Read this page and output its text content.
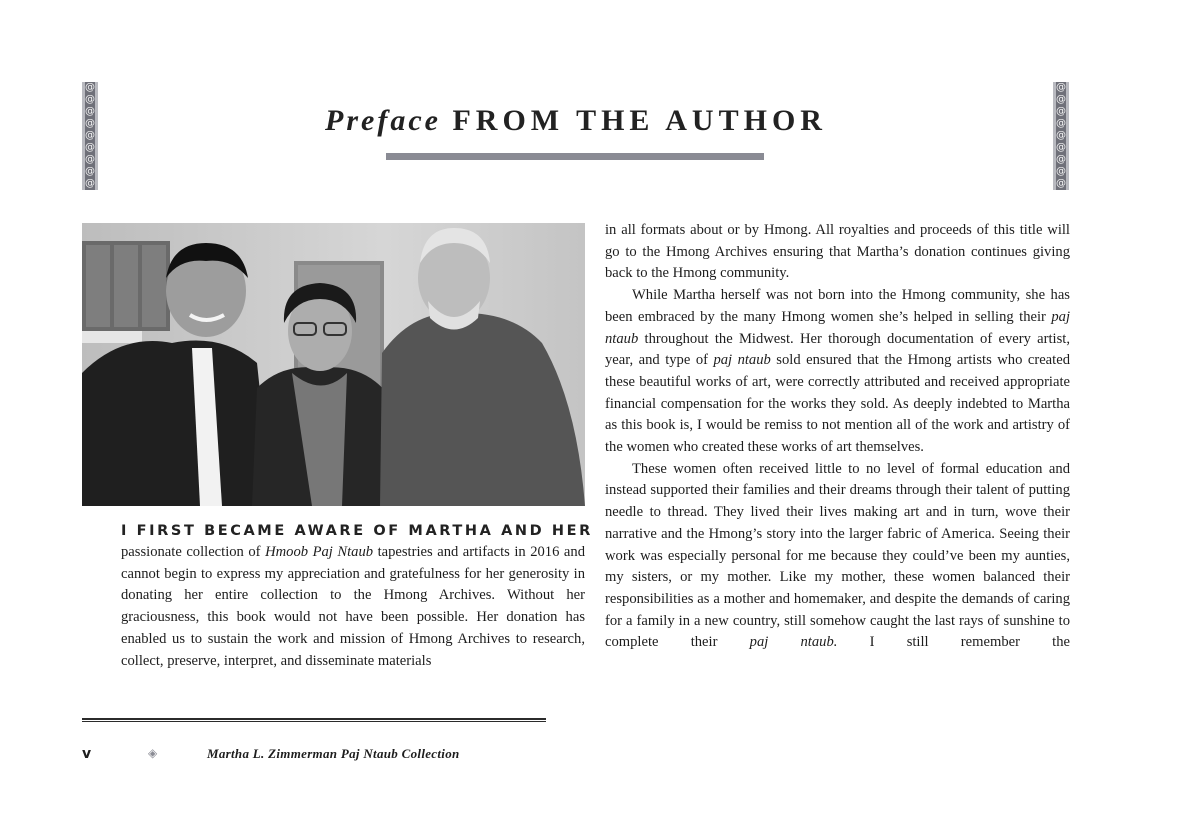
@
@
@
@
@
@
@
@
@
@
@
@
@
@
@
@
@
@
Preface FROM THE AUTHOR
I FIRST BECAME AWARE OF MARTHA AND HER
passionate collection of Hmoob Paj Ntaub tapestries and artifacts in 2016 and cannot begin to express my appreciation and gratefulness for her generosity in donating her entire collection to the Hmong Archives. Without her graciousness, this book would not have been possible. Her donation has enabled us to sustain the work and mission of Hmong Archives to research, collect, preserve, interpret, and disseminate materials

in all formats about or by Hmong. All royalties and proceeds of this title will go to the Hmong Archives ensuring that Martha’s donation continues giving back to the Hmong community.

While Martha herself was not born into the Hmong community, she has been embraced by the many Hmong women she’s helped in selling their paj ntaub throughout the Midwest. Her thorough documentation of every artist, year, and type of paj ntaub sold ensured that the Hmong artists who created these beautiful works of art, were correctly attributed and received appropriate financial compensation for the works they sold. As deeply indebted to Martha as this book is, I would be remiss to not mention all of the work and artistry of the women who created these works of art themselves.

These women often received little to no level of formal education and instead supported their families and their dreams through their talent of putting needle to thread. They lived their lives making art and in turn, wove their narrative and the Hmong’s story into the larger fabric of America. Seeing their work was especially personal for me because they could’ve been my aunties, my sisters, or my mother. Like my mother, these women balanced their responsibilities as a mother and homemaker, and despite the demands of caring for a family in a new country, still somehow caught the last rays of sunshine to complete their paj ntaub. I still remember the

v	◈	Martha L. Zimmerman Paj Ntaub Collection
